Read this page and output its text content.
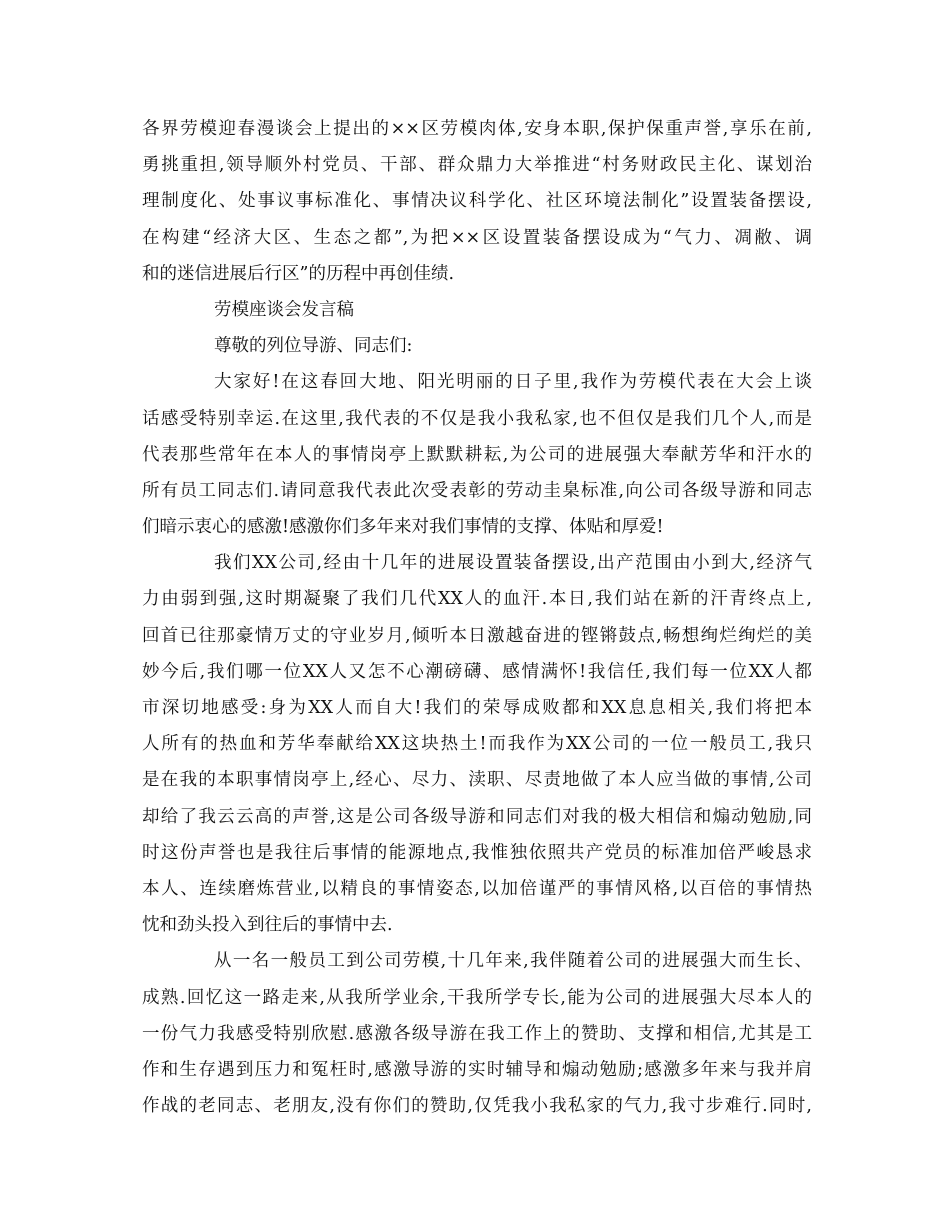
各界劳模迎春漫谈会上提出的××区劳模肉体,安身本职,保护保重声誉,享乐在前,
勇挑重担,领导顺外村党员、干部、群众鼎力大举推进“村务财政民主化、谋划治
理制度化、处事议事标准化、事情决议科学化、社区环境法制化”设置装备摆设,
在构建“经济大区、生态之都”,为把××区设置装备摆设成为“气力、凋敝、调
和的迷信进展后行区”的历程中再创佳绩.
劳模座谈会发言稿
尊敬的列位导游、同志们:
大家好!在这春回大地、阳光明丽的日子里,我作为劳模代表在大会上谈
话感受特别幸运.在这里,我代表的不仅是我小我私家,也不但仅是我们几个人,而是
代表那些常年在本人的事情岗亭上默默耕耘,为公司的进展强大奉献芳华和汗水的
所有员工同志们.请同意我代表此次受表彰的劳动圭臬标准,向公司各级导游和同志
们暗示衷心的感激!感激你们多年来对我们事情的支撑、体贴和厚爱!
我们XX公司,经由十几年的进展设置装备摆设,出产范围由小到大,经济气
力由弱到强,这时期凝聚了我们几代XX人的血汗.本日,我们站在新的汗青终点上,
回首已往那豪情万丈的守业岁月,倾听本日激越奋进的铿锵鼓点,畅想绚烂绚烂的美
妙今后,我们哪一位XX人又怎不心潮磅礴、感情满怀!我信任,我们每一位XX人都
市深切地感受:身为XX人而自大!我们的荣辱成败都和XX息息相关,我们将把本
人所有的热血和芳华奉献给XX这块热土!而我作为XX公司的一位一般员工,我只
是在我的本职事情岗亭上,经心、尽力、渎职、尽责地做了本人应当做的事情,公司
却给了我云云高的声誉,这是公司各级导游和同志们对我的极大相信和煽动勉励,同
时这份声誉也是我往后事情的能源地点,我惟独依照共产党员的标准加倍严峻恳求
本人、连续磨炼营业,以精良的事情姿态,以加倍谨严的事情风格,以百倍的事情热
忱和劲头投入到往后的事情中去.
从一名一般员工到公司劳模,十几年来,我伴随着公司的进展强大而生长、
成熟.回忆这一路走来,从我所学业余,干我所学专长,能为公司的进展强大尽本人的
一份气力我感受特别欣慰.感激各级导游在我工作上的赞助、支撑和相信,尤其是工
作和生存遇到压力和冤枉时,感激导游的实时辅导和煽动勉励;感激多年来与我并肩
作战的老同志、老朋友,没有你们的赞助,仅凭我小我私家的气力,我寸步难行.同时,
